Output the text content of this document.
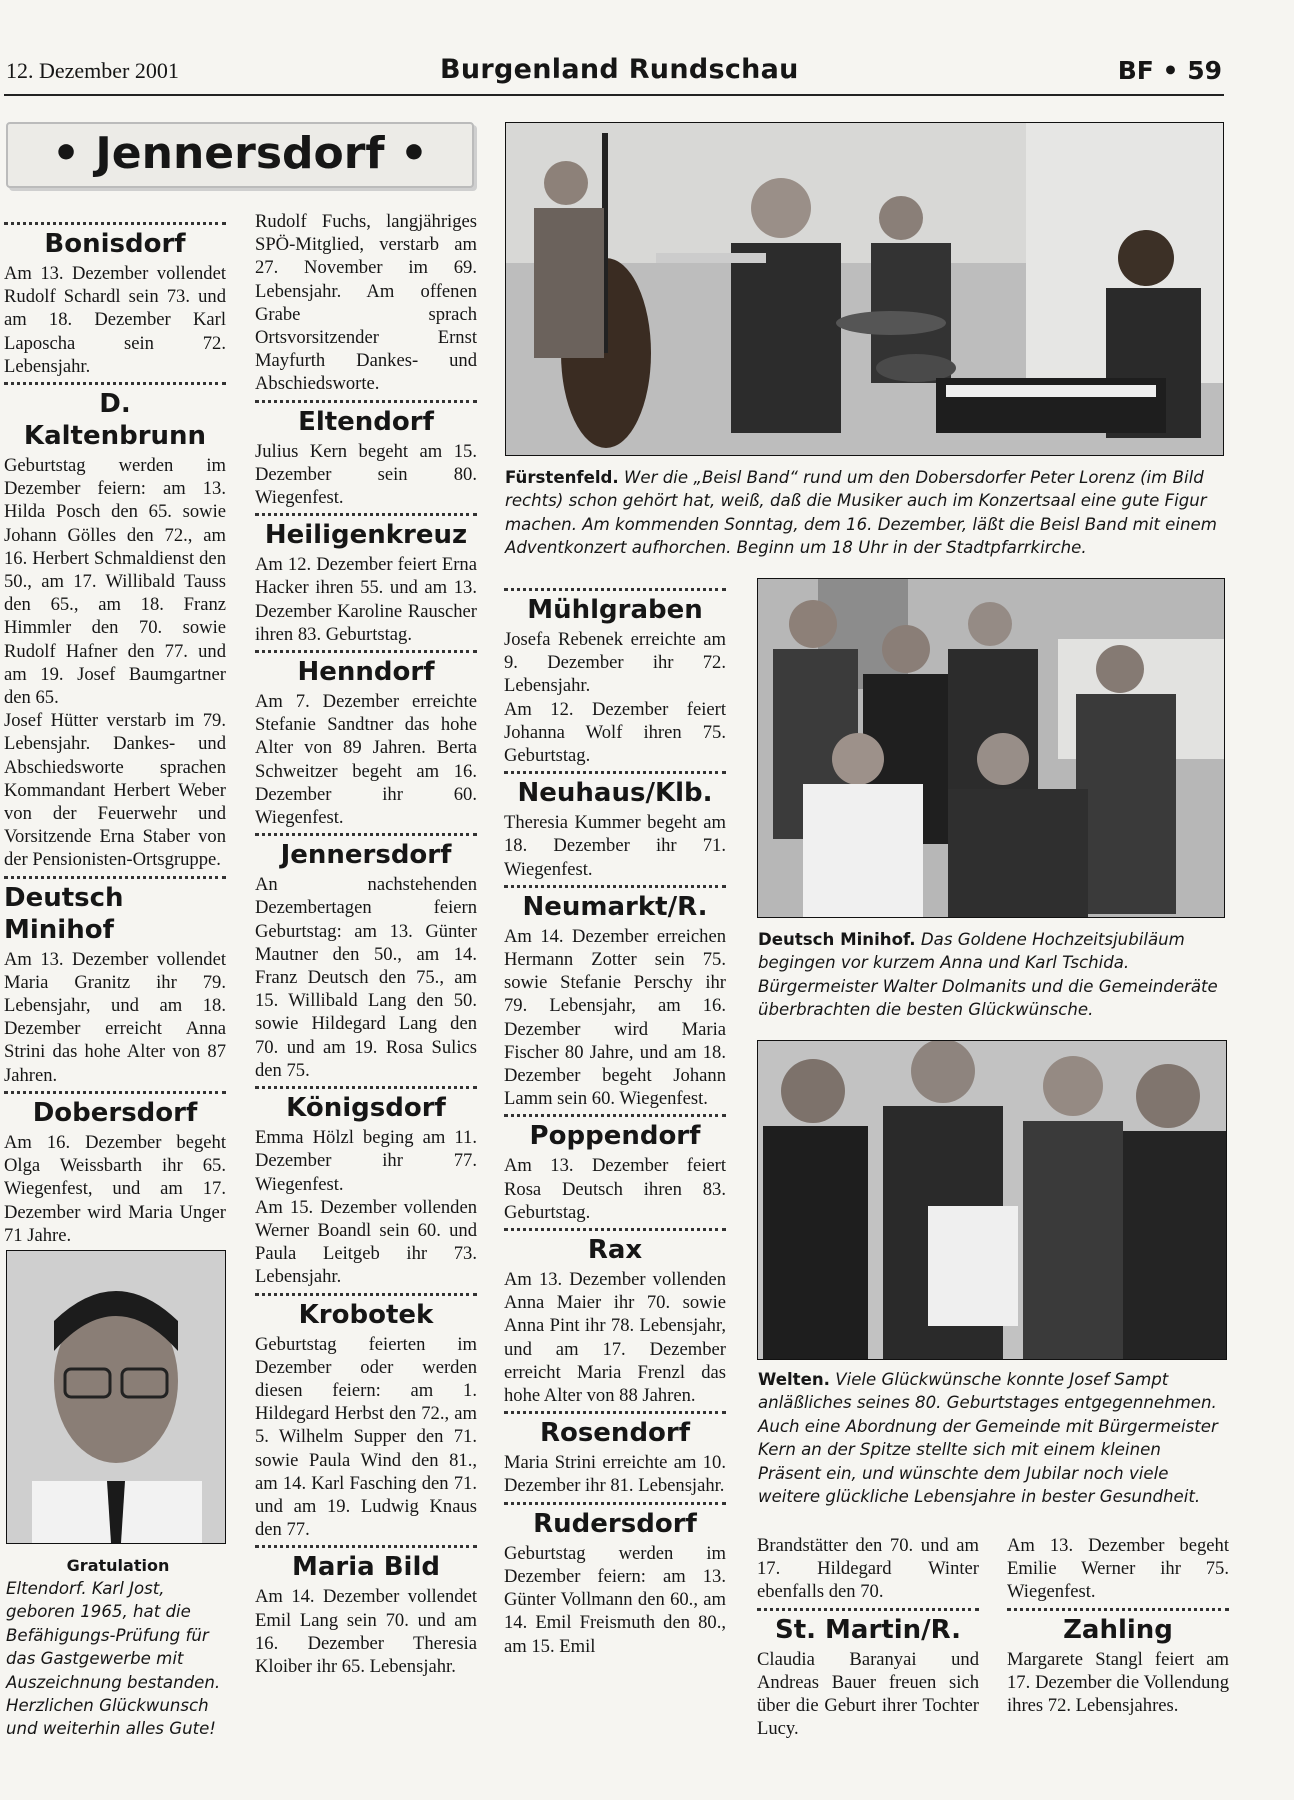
12. Dezember 2001	Burgenland Rundschau	BF • 59
• Jennersdorf •
Bonisdorf

Am 13. Dezember vollendet Rudolf Schardl sein 73. und am 18. Dezember Karl Laposcha sein 72. Lebensjahr.

D. Kaltenbrunn

Geburtstag werden im Dezember feiern: am 13. Hilda Posch den 65. sowie Johann Gölles den 72., am 16. Herbert Schmaldienst den 50., am 17. Willibald Tauss den 65., am 18. Franz Himmler den 70. sowie Rudolf Hafner den 77. und am 19. Josef Baumgartner den 65.

Josef Hütter verstarb im 79. Lebensjahr. Dankes- und Abschiedsworte sprachen Kommandant Herbert Weber von der Feuerwehr und Vorsitzende Erna Staber von der Pensionisten-Ortsgruppe.

Deutsch Minihof

Am 13. Dezember vollendet Maria Granitz ihr 79. Lebensjahr, und am 18. Dezember erreicht Anna Strini das hohe Alter von 87 Jahren.

Dobersdorf

Am 16. Dezember begeht Olga Weissbarth ihr 65. Wiegenfest, und am 17. Dezember wird Maria Unger 71 Jahre.

Rudolf Fuchs, langjähriges SPÖ-Mitglied, verstarb am 27. November im 69. Lebensjahr. Am offenen Grabe sprach Ortsvorsitzender Ernst Mayfurth Dankes- und Abschiedsworte.

Eltendorf

Julius Kern begeht am 15. Dezember sein 80. Wiegenfest.

Heiligenkreuz

Am 12. Dezember feiert Erna Hacker ihren 55. und am 13. Dezember Karoline Rauscher ihren 83. Geburtstag.

Henndorf

Am 7. Dezember erreichte Stefanie Sandtner das hohe Alter von 89 Jahren. Berta Schweitzer begeht am 16. Dezember ihr 60. Wiegenfest.

Jennersdorf

An nachstehenden Dezembertagen feiern Geburtstag: am 13. Günter Mautner den 50., am 14. Franz Deutsch den 75., am 15. Willibald Lang den 50. sowie Hildegard Lang den 70. und am 19. Rosa Sulics den 75.

Königsdorf

Emma Hölzl beging am 11. Dezember ihr 77. Wiegenfest.

Am 15. Dezember vollenden Werner Boandl sein 60. und Paula Leitgeb ihr 73. Lebensjahr.

Krobotek

Geburtstag feierten im Dezember oder werden diesen feiern: am 1. Hildegard Herbst den 72., am 5. Wilhelm Supper den 71. sowie Paula Wind den 81., am 14. Karl Fasching den 71. und am 19. Ludwig Knaus den 77.

Maria Bild

Am 14. Dezember vollendet Emil Lang sein 70. und am 16. Dezember Theresia Kloiber ihr 65. Lebensjahr.

Mühlgraben

Josefa Rebenek erreichte am 9. Dezember ihr 72. Lebensjahr.

Am 12. Dezember feiert Johanna Wolf ihren 75. Geburtstag.

Neuhaus/Klb.

Theresia Kummer begeht am 18. Dezember ihr 71. Wiegenfest.

Neumarkt/R.

Am 14. Dezember erreichen Hermann Zotter sein 75. sowie Stefanie Perschy ihr 79. Lebensjahr, am 16. Dezember wird Maria Fischer 80 Jahre, und am 18. Dezember begeht Johann Lamm sein 60. Wiegenfest.

Poppendorf

Am 13. Dezember feiert Rosa Deutsch ihren 83. Geburtstag.

Rax

Am 13. Dezember vollenden Anna Maier ihr 70. sowie Anna Pint ihr 78. Lebensjahr, und am 17. Dezember erreicht Maria Frenzl das hohe Alter von 88 Jahren.

Rosendorf

Maria Strini erreichte am 10. Dezember ihr 81. Lebensjahr.

Rudersdorf

Geburtstag werden im Dezember feiern: am 13. Günter Vollmann den 60., am 14. Emil Freismuth den 80., am 15. Emil

Brandstätter den 70. und am 17. Hildegard Winter ebenfalls den 70.

St. Martin/R.

Claudia Baranyai und Andreas Bauer freuen sich über die Geburt ihrer Tochter Lucy.

Am 13. Dezember begeht Emilie Werner ihr 75. Wiegenfest.

Zahling

Margarete Stangl feiert am 17. Dezember die Vollendung ihres 72. Lebensjahres.

Fürstenfeld. Wer die „Beisl Band“ rund um den Dobersdorfer Peter Lorenz (im Bild rechts) schon gehört hat, weiß, daß die Musiker auch im Konzertsaal eine gute Figur machen. Am kommenden Sonntag, dem 16. Dezember, läßt die Beisl Band mit einem Adventkonzert aufhorchen. Beginn um 18 Uhr in der Stadtpfarrkirche.
Deutsch Minihof. Das Goldene Hochzeitsjubiläum begingen vor kurzem Anna und Karl Tschida. Bürgermeister Walter Dolmanits und die Gemeinderäte überbrachten die besten Glückwünsche.
Welten. Viele Glückwünsche konnte Josef Sampt anläßliches seines 80. Geburtstages entgegennehmen. Auch eine Abordnung der Gemeinde mit Bürgermeister Kern an der Spitze stellte sich mit einem kleinen Präsent ein, und wünschte dem Jubilar noch viele weitere glückliche Lebensjahre in bester Gesundheit.
Gratulation
Eltendorf. Karl Jost, geboren 1965, hat die Befähigungs-Prüfung für das Gastgewerbe mit Auszeichnung bestanden. Herzlichen Glückwunsch und weiterhin alles Gute!
